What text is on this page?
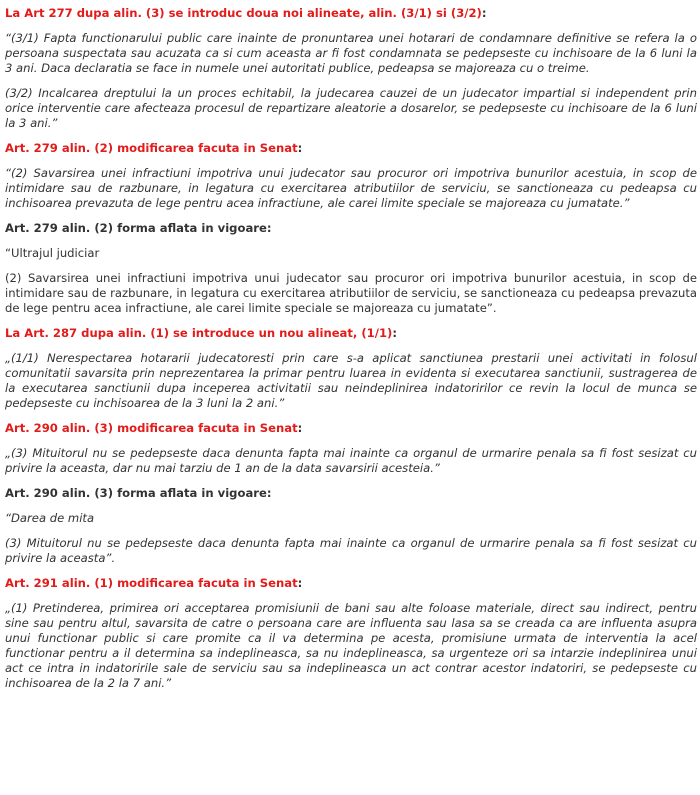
La Art 277 dupa alin. (3) se introduc doua noi alineate, alin. (3/1) si (3/2):
“(3/1) Fapta functionarului public care inainte de pronuntarea unei hotarari de condamnare definitive se refera la o persoana suspectata sau acuzata ca si cum aceasta ar fi fost condamnata se pedepseste cu inchisoare de la 6 luni la 3 ani. Daca declaratia se face in numele unei autoritati publice, pedeapsa se majoreaza cu o treime.
(3/2) Incalcarea dreptului la un proces echitabil, la judecarea cauzei de un judecator impartial si independent prin orice interventie care afecteaza procesul de repartizare aleatorie a dosarelor, se pedepseste cu inchisoare de la 6 luni la 3 ani.”
Art. 279 alin. (2) modificarea facuta in Senat:
“(2) Savarsirea unei infractiuni impotriva unui judecator sau procuror ori impotriva bunurilor acestuia, in scop de intimidare sau de razbunare, in legatura cu exercitarea atributiilor de serviciu, se sanctioneaza cu pedeapsa cu inchisoarea prevazuta de lege pentru acea infractiune, ale carei limite speciale se majoreaza cu jumatate.”
Art. 279 alin. (2) forma aflata in vigoare:
“Ultrajul judiciar
(2) Savarsirea unei infractiuni impotriva unui judecator sau procuror ori impotriva bunurilor acestuia, in scop de intimidare sau de razbunare, in legatura cu exercitarea atributiilor de serviciu, se sanctioneaza cu pedeapsa prevazuta de lege pentru acea infractiune, ale carei limite speciale se majoreaza cu jumatate”.
La Art. 287 dupa alin. (1) se introduce un nou alineat, (1/1):
„(1/1) Nerespectarea hotararii judecatoresti prin care s-a aplicat sanctiunea prestarii unei activitati in folosul comunitatii savarsita prin neprezentarea la primar pentru luarea in evidenta si executarea sanctiunii, sustragerea de la executarea sanctiunii dupa inceperea activitatii sau neindeplinirea indatoririlor ce revin la locul de munca se pedepseste cu inchisoarea de la 3 luni la 2 ani.”
Art. 290 alin. (3) modificarea facuta in Senat:
„(3) Mituitorul nu se pedepseste daca denunta fapta mai inainte ca organul de urmarire penala sa fi fost sesizat cu privire la aceasta, dar nu mai tarziu de 1 an de la data savarsirii acesteia.”
Art. 290 alin. (3) forma aflata in vigoare:
“Darea de mita
(3) Mituitorul nu se pedepseste daca denunta fapta mai inainte ca organul de urmarire penala sa fi fost sesizat cu privire la aceasta”.
Art. 291 alin. (1) modificarea facuta in Senat:
„(1) Pretinderea, primirea ori acceptarea promisiunii de bani sau alte foloase materiale, direct sau indirect, pentru sine sau pentru altul, savarsita de catre o persoana care are influenta sau lasa sa se creada ca are influenta asupra unui functionar public si care promite ca il va determina pe acesta, promisiune urmata de interventia la acel functionar pentru a il determina sa indeplineasca, sa nu indeplineasca, sa urgenteze ori sa intarzie indeplinirea unui act ce intra in indatoririle sale de serviciu sau sa indeplineasca un act contrar acestor indatoriri, se pedepseste cu inchisoarea de la 2 la 7 ani.”
